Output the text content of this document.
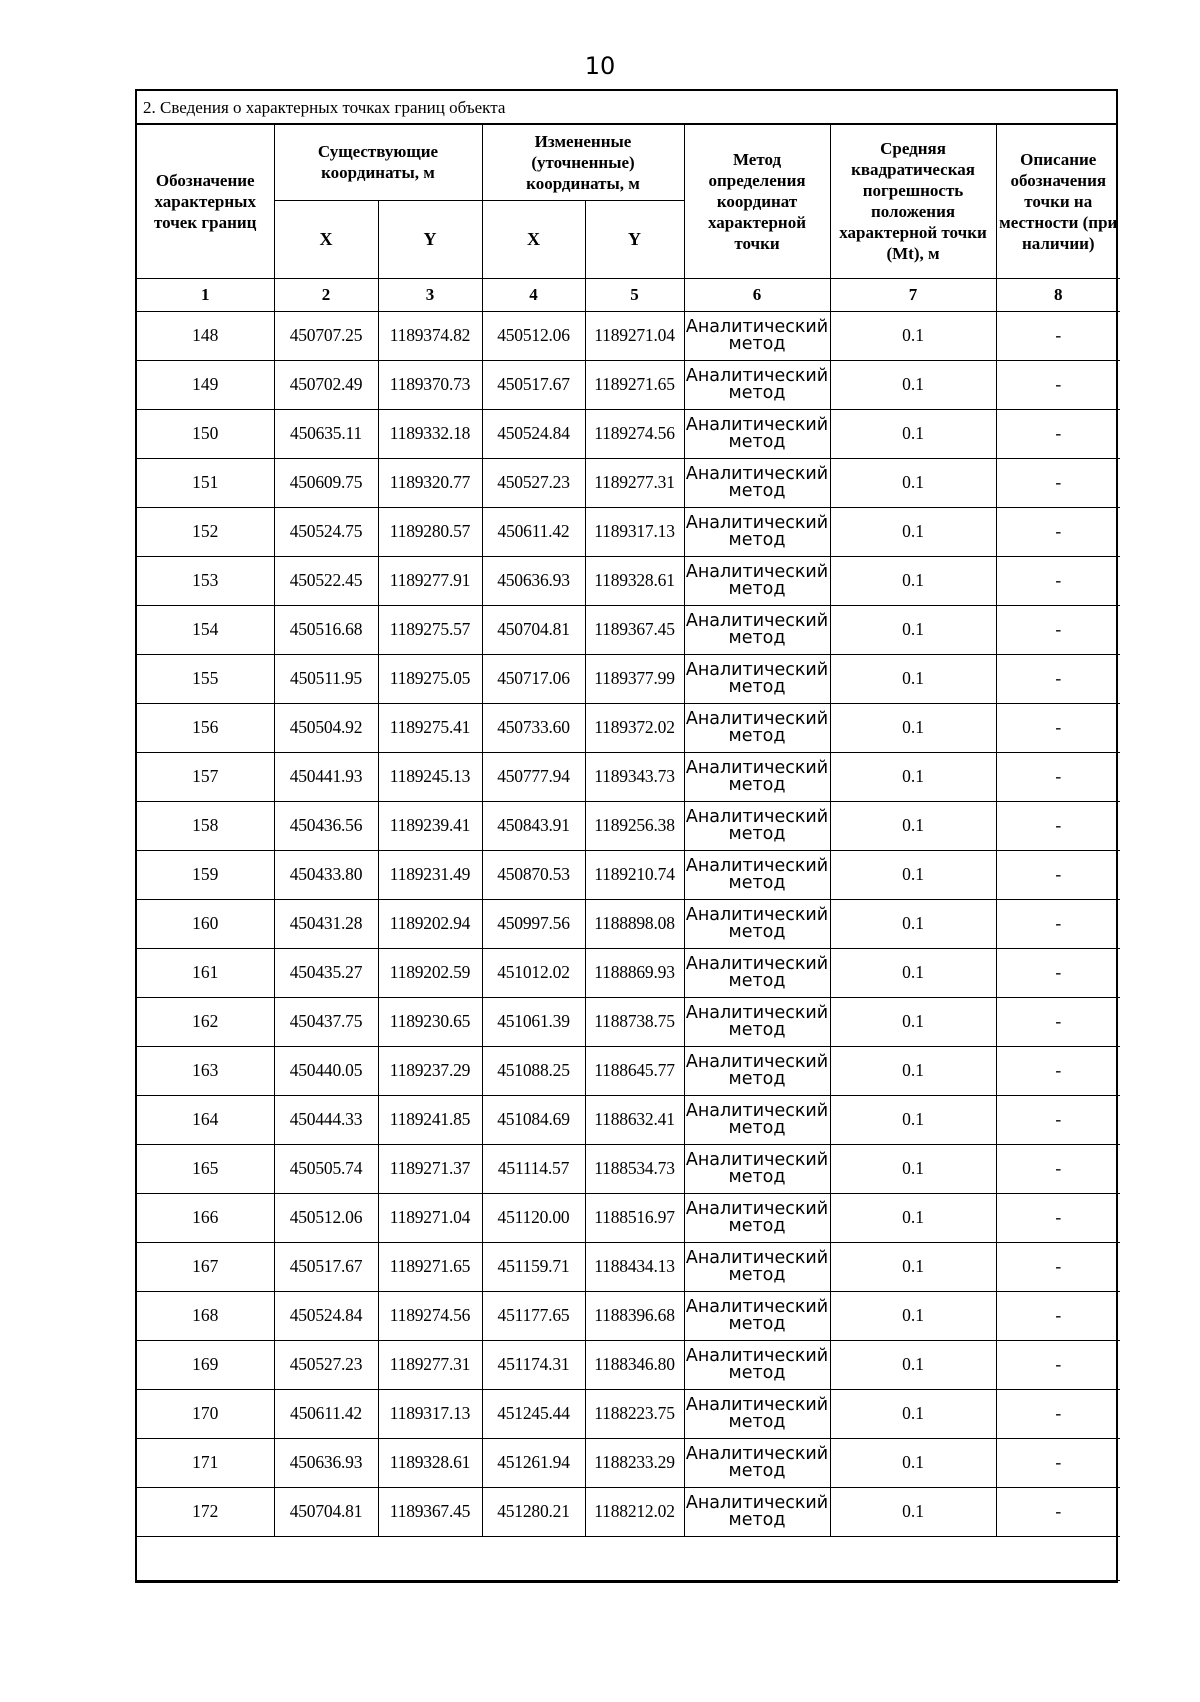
10
2. Сведения о характерных точках границ объекта
Обозначение характерных точек границ	Существующие координаты, м		Измененные (уточненные) координаты, м		Метод определения координат характерной точки	Средняя квадратическая погрешность положения характерной точки (Mt), м	Описание обозначения точки на местности (при наличии)
	X	Y	X	Y			
1	2	3	4	5	6	7	8
148	450707.25	1189374.82	450512.06	1189271.04	Аналитический метод	0.1	-
149	450702.49	1189370.73	450517.67	1189271.65	Аналитический метод	0.1	-
150	450635.11	1189332.18	450524.84	1189274.56	Аналитический метод	0.1	-
151	450609.75	1189320.77	450527.23	1189277.31	Аналитический метод	0.1	-
152	450524.75	1189280.57	450611.42	1189317.13	Аналитический метод	0.1	-
153	450522.45	1189277.91	450636.93	1189328.61	Аналитический метод	0.1	-
154	450516.68	1189275.57	450704.81	1189367.45	Аналитический метод	0.1	-
155	450511.95	1189275.05	450717.06	1189377.99	Аналитический метод	0.1	-
156	450504.92	1189275.41	450733.60	1189372.02	Аналитический метод	0.1	-
157	450441.93	1189245.13	450777.94	1189343.73	Аналитический метод	0.1	-
158	450436.56	1189239.41	450843.91	1189256.38	Аналитический метод	0.1	-
159	450433.80	1189231.49	450870.53	1189210.74	Аналитический метод	0.1	-
160	450431.28	1189202.94	450997.56	1188898.08	Аналитический метод	0.1	-
161	450435.27	1189202.59	451012.02	1188869.93	Аналитический метод	0.1	-
162	450437.75	1189230.65	451061.39	1188738.75	Аналитический метод	0.1	-
163	450440.05	1189237.29	451088.25	1188645.77	Аналитический метод	0.1	-
164	450444.33	1189241.85	451084.69	1188632.41	Аналитический метод	0.1	-
165	450505.74	1189271.37	451114.57	1188534.73	Аналитический метод	0.1	-
166	450512.06	1189271.04	451120.00	1188516.97	Аналитический метод	0.1	-
167	450517.67	1189271.65	451159.71	1188434.13	Аналитический метод	0.1	-
168	450524.84	1189274.56	451177.65	1188396.68	Аналитический метод	0.1	-
169	450527.23	1189277.31	451174.31	1188346.80	Аналитический метод	0.1	-
170	450611.42	1189317.13	451245.44	1188223.75	Аналитический метод	0.1	-
171	450636.93	1189328.61	451261.94	1188233.29	Аналитический метод	0.1	-
172	450704.81	1189367.45	451280.21	1188212.02	Аналитический метод	0.1	-
